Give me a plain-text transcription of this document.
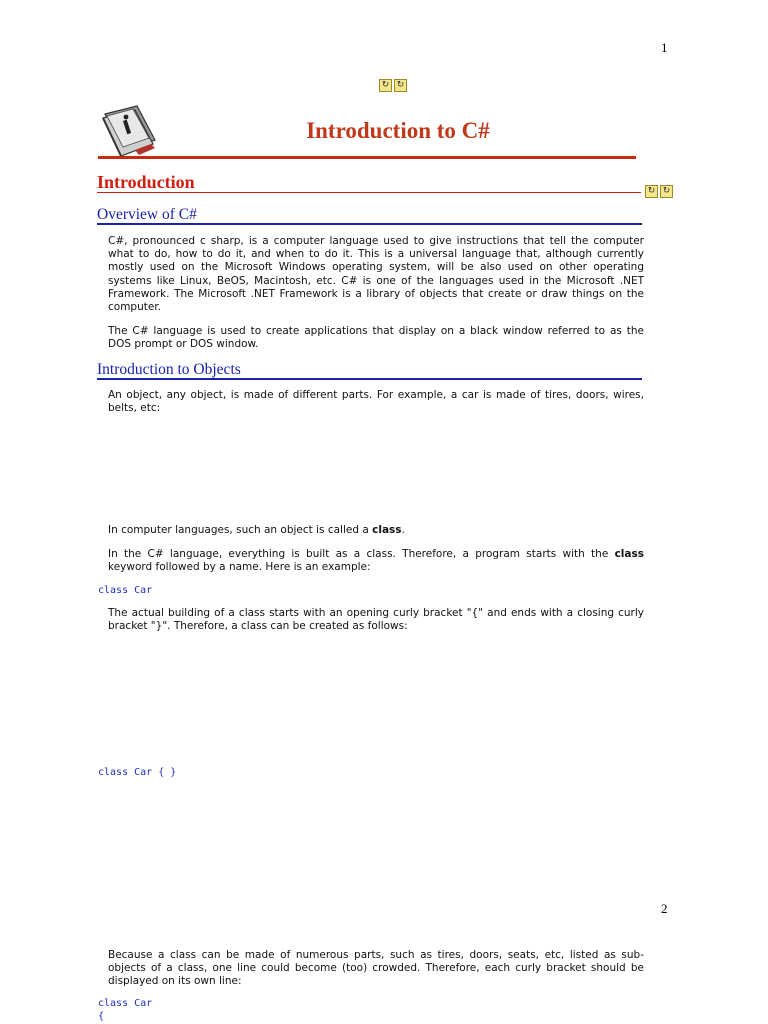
1
↻ ↻
Introduction to C#
Introduction	↻ ↻
Overview of C#

C#, pronounced c sharp, is a computer language used to give instructions that tell the computer what to do, how to do it, and when to do it. This is a universal language that, although currently mostly used on the Microsoft Windows operating system, will be also used on other operating systems like Linux, BeOS, Macintosh, etc. C# is one of the languages used in the Microsoft .NET Framework. The Microsoft .NET Framework is a library of objects that create or draw things on the computer.

The C# language is used to create applications that display on a black window referred to as the DOS prompt or DOS window.

Introduction to Objects

An object, any object, is made of different parts. For example, a car is made of tires, doors, wires, belts, etc:

In computer languages, such an object is called a class.

In the C# language, everything is built as a class. Therefore, a program starts with the class keyword followed by a name. Here is an example:

class Car

The actual building of a class starts with an opening curly bracket "{" and ends with a closing curly bracket "}". Therefore, a class can be created as follows:

class Car { }
2

Because a class can be made of numerous parts, such as tires, doors, seats, etc, listed as sub-objects of a class, one line could become (too) crowded. Therefore, each curly bracket should be displayed on its own line:

class Car
{
